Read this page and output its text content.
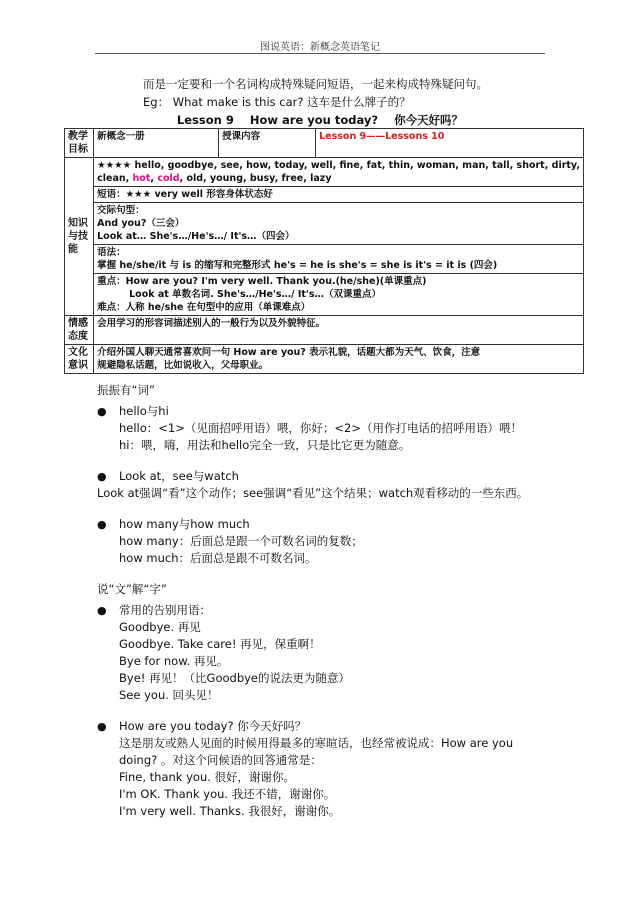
图说英语：新概念英语笔记
而是一定要和一个名词构成特殊疑问短语，一起来构成特殊疑问句。
Eg： What make is this car? 这车是什么牌子的？
Lesson 9 How are you today? 你今天好吗？
教学目标	新概念一册	授课内容	Lesson 9——Lessons 10
知识与技能	★★★★ hello, goodbye, see, how, today, well, fine, fat, thin, woman, man, tall, short, dirty,
clean, hot, cold, old, young, busy, free, lazy		

	短语：★★★ very well 形容身体状态好		

	交际句型：
And you?（三会）
Look at… She's…/He's…/ It's…（四会）		

	语法：
掌握 he/she/it 与 is 的缩写和完整形式 he's = he is she's = she is it's = it is (四会)		

	重点：How are you? I'm very well. Thank you.(he/she)(单课重点)
Look at 单数名词. She's…/He's…/ It's…（双课重点）
难点：人称 he/she 在句型中的应用（单课难点）		

情感态度	会用学习的形容词描述别人的一般行为以及外貌特征。		
文化意识	介绍外国人聊天通常喜欢问一句 How are you? 表示礼貌，话题大都为天气、饮食，注意
规避隐私话题，比如说收入，父母职业。		
振振有“词”
● hello与hi
hello：<1>（见面招呼用语）喂，你好；<2>（用作打电话的招呼用语）喂！
hi：喂，嗨，用法和hello完全一致，只是比它更为随意。
● Look at，see与watch
Look at强调“看”这个动作；see强调“看见”这个结果；watch观看移动的一些东西。
● how many与how much
how many：后面总是跟一个可数名词的复数；
how much：后面总是跟不可数名词。
说“文”解“字”
● 常用的告别用语：
Goodbye. 再见
Goodbye. Take care! 再见，保重啊！
Bye for now. 再见。
Bye! 再见！（比Goodbye的说法更为随意）
See you. 回头见！
● How are you today? 你今天好吗？
这是朋友或熟人见面的时候用得最多的寒暄话，也经常被说成：How are you
doing? 。对这个问候语的回答通常是：
Fine, thank you. 很好，谢谢你。
I'm OK. Thank you. 我还不错，谢谢你。
I'm very well. Thanks. 我很好，谢谢你。
